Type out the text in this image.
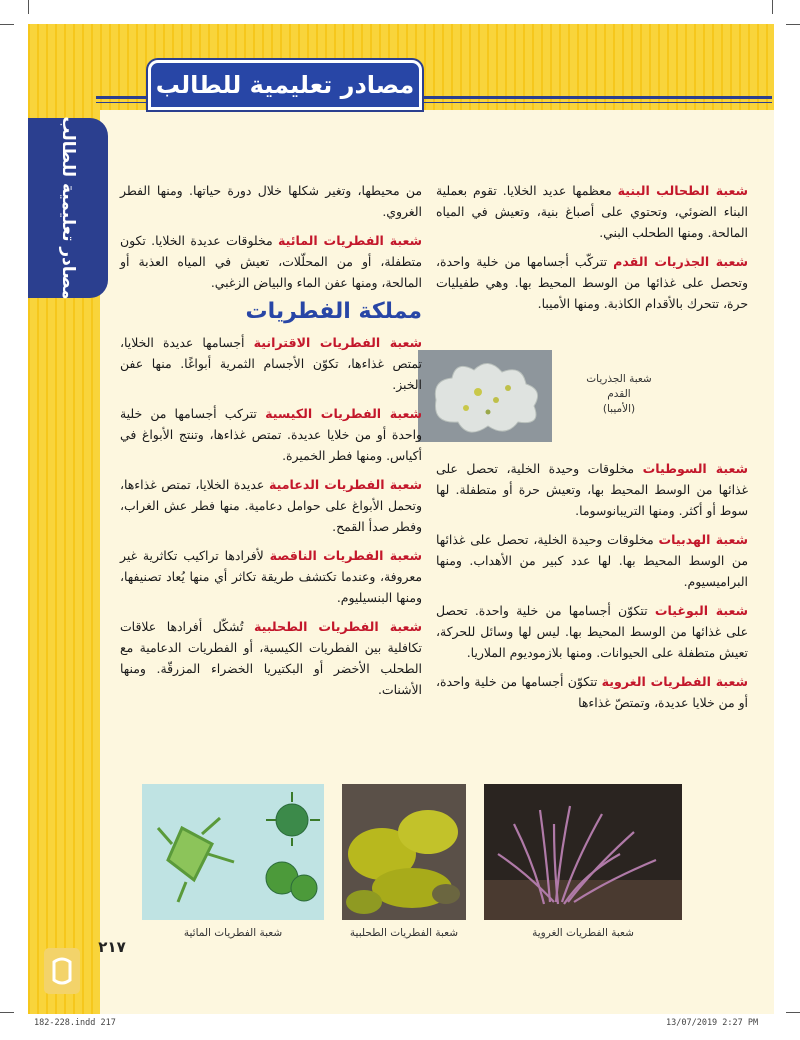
مصادر تعليمية للطالب
مصادر تعليمية للطالب	شعبة الطحالب البنية معظمها عديد الخلايا. تقوم بعملية البناء الضوئي، وتحتوي على أصباغ بنية، وتعيش في المياه المالحة. ومنها الطحلب البني.

شعبة الجذريات القدم تتركّب أجسامها من خلية واحدة، وتحصل على غذائها من الوسط المحيط بها. وهي طفيليات حرة، تتحرك بالأقدام الكاذبة. ومنها الأميبا.

شعبة الجذريات
القدم
(الأميبا)

شعبة السوطيات مخلوقات وحيدة الخلية، تحصل على غذائها من الوسط المحيط بها، وتعيش حرة أو متطفلة. لها سوط أو أكثر. ومنها التريبانوسوما.

شعبة الهدبيات مخلوقات وحيدة الخلية، تحصل على غذائها من الوسط المحيط بها. لها عدد كبير من الأهداب. ومنها البراميسيوم.

شعبة البوغيات تتكوّن أجسامها من خلية واحدة. تحصل على غذائها من الوسط المحيط بها. ليس لها وسائل للحركة، تعيش متطفلة على الحيوانات. ومنها بلازموديوم الملاريا.

شعبة الفطريات الغروية تتكوّن أجسامها من خلية واحدة، أو من خلايا عديدة، وتمتصّ غذاءها

من محيطها، وتغير شكلها خلال دورة حياتها. ومنها الفطر الغروي.

شعبة الفطريات المائية مخلوقات عديدة الخلايا. تكون متطفلة، أو من المحلّلات، تعيش في المياه العذبة أو المالحة، ومنها عفن الماء والبياض الزغبي.

مملكة الفطريات

شعبة الفطريات الاقترانية أجسامها عديدة الخلايا، تمتص غذاءها، تكوّن الأجسام الثمرية أبواغًا. منها عفن الخبز.

شعبة الفطريات الكيسية تتركب أجسامها من خلية واحدة أو من خلايا عديدة. تمتص غذاءها، وتنتج الأبواغ في أكياس. ومنها فطر الخميرة.

شعبة الفطريات الدعامية عديدة الخلايا، تمتص غذاءها، وتحمل الأبواغ على حوامل دعامية. منها فطر عش الغراب، وفطر صدأ القمح.

شعبة الفطريات الناقصة لأفرادها تراكيب تكاثرية غير معروفة، وعندما تكتشف طريقة تكاثر أي منها يُعاد تصنيفها، ومنها البنسيليوم.

شعبة الفطريات الطحلبية تُشكّل أفرادها علاقات تكافلية بين الفطريات الكيسية، أو الفطريات الدعامية مع الطحلب الأخضر أو البكتيريا الخضراء المزرقّة. ومنها الأشنات.

شعبة الفطريات الغروية
شعبة الفطريات الطحلبية
شعبة الفطريات المائية
٢١٧
182-228.indd 217	13/07/2019 2:27 PM
